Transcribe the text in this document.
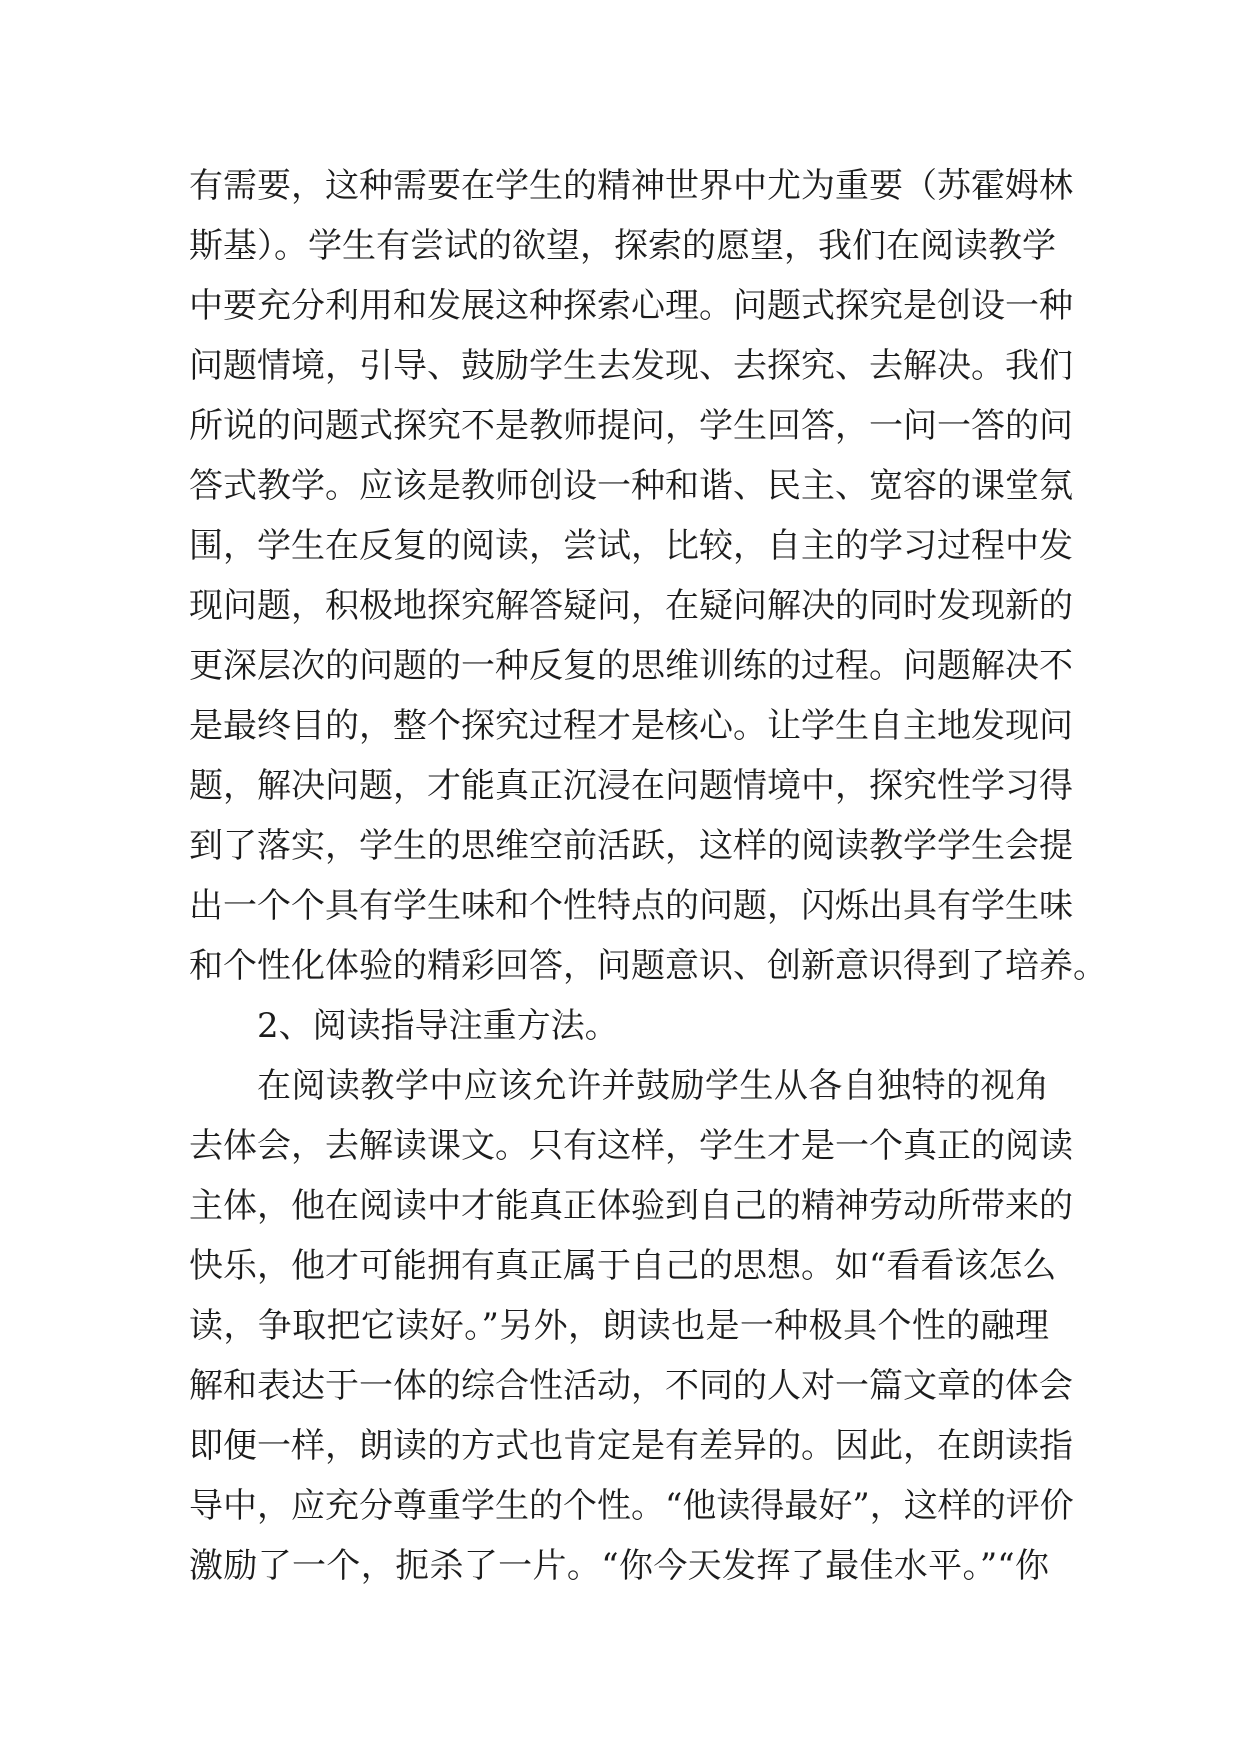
有需要，这种需要在学生的精神世界中尤为重要（苏霍姆林
斯基）。学生有尝试的欲望，探索的愿望，我们在阅读教学
中要充分利用和发展这种探索心理。问题式探究是创设一种
问题情境，引导、鼓励学生去发现、去探究、去解决。我们
所说的问题式探究不是教师提问，学生回答，一问一答的问
答式教学。应该是教师创设一种和谐、民主、宽容的课堂氛
围，学生在反复的阅读，尝试，比较，自主的学习过程中发
现问题，积极地探究解答疑问，在疑问解决的同时发现新的
更深层次的问题的一种反复的思维训练的过程。问题解决不
是最终目的，整个探究过程才是核心。让学生自主地发现问
题，解决问题，才能真正沉浸在问题情境中，探究性学习得
到了落实，学生的思维空前活跃，这样的阅读教学学生会提
出一个个具有学生味和个性特点的问题，闪烁出具有学生味
和个性化体验的精彩回答，问题意识、创新意识得到了培养。
2、阅读指导注重方法。
在阅读教学中应该允许并鼓励学生从各自独特的视角
去体会，去解读课文。只有这样，学生才是一个真正的阅读
主体，他在阅读中才能真正体验到自己的精神劳动所带来的
快乐，他才可能拥有真正属于自己的思想。如“看看该怎么
读，争取把它读好。”另外，朗读也是一种极具个性的融理
解和表达于一体的综合性活动，不同的人对一篇文章的体会
即便一样，朗读的方式也肯定是有差异的。因此，在朗读指
导中，应充分尊重学生的个性。“他读得最好”，这样的评价
激励了一个，扼杀了一片。“你今天发挥了最佳水平。”“你
